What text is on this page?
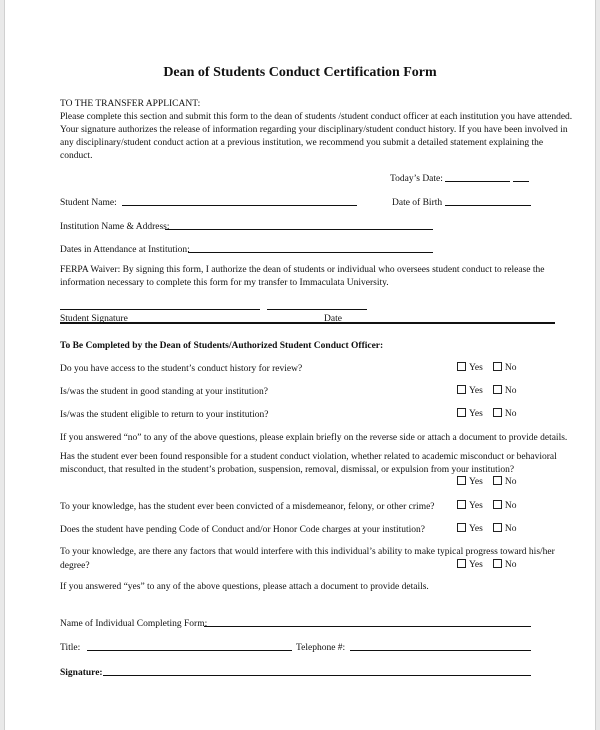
Dean of Students Conduct Certification Form
TO THE TRANSFER APPLICANT:
Please complete this section and submit this form to the dean of students /student conduct officer at each institution you have attended.
Your signature authorizes the release of information regarding your disciplinary/student conduct history. If you have been involved in
any disciplinary/student conduct action at a previous institution, we recommend you submit a detailed statement explaining the
conduct.
Today’s Date:
Student Name:	Date of Birth
Institution Name & Address:
Dates in Attendance at Institution:
FERPA Waiver: By signing this form, I authorize the dean of students or individual who oversees student conduct to release the
information necessary to complete this form for my transfer to Immaculata University.
Student Signature	Date
To Be Completed by the Dean of Students/Authorized Student Conduct Officer:
Do you have access to the student’s conduct history for review?	Yes No
Is/was the student in good standing at your institution?	Yes No
Is/was the student eligible to return to your institution?	Yes No
If you answered “no” to any of the above questions, please explain briefly on the reverse side or attach a document to provide details.
Has the student ever been found responsible for a student conduct violation, whether related to academic misconduct or behavioral
misconduct, that resulted in the student’s probation, suspension, removal, dismissal, or expulsion from your institution?
Yes No
To your knowledge, has the student ever been convicted of a misdemeanor, felony, or other crime?	Yes No
Does the student have pending Code of Conduct and/or Honor Code charges at your institution?	Yes No
To your knowledge, are there any factors that would interfere with this individual’s ability to make typical progress toward his/her
degree?	Yes No
If you answered “yes” to any of the above questions, please attach a document to provide details.
Name of Individual Completing Form:
Title:	Telephone #:
Signature:
